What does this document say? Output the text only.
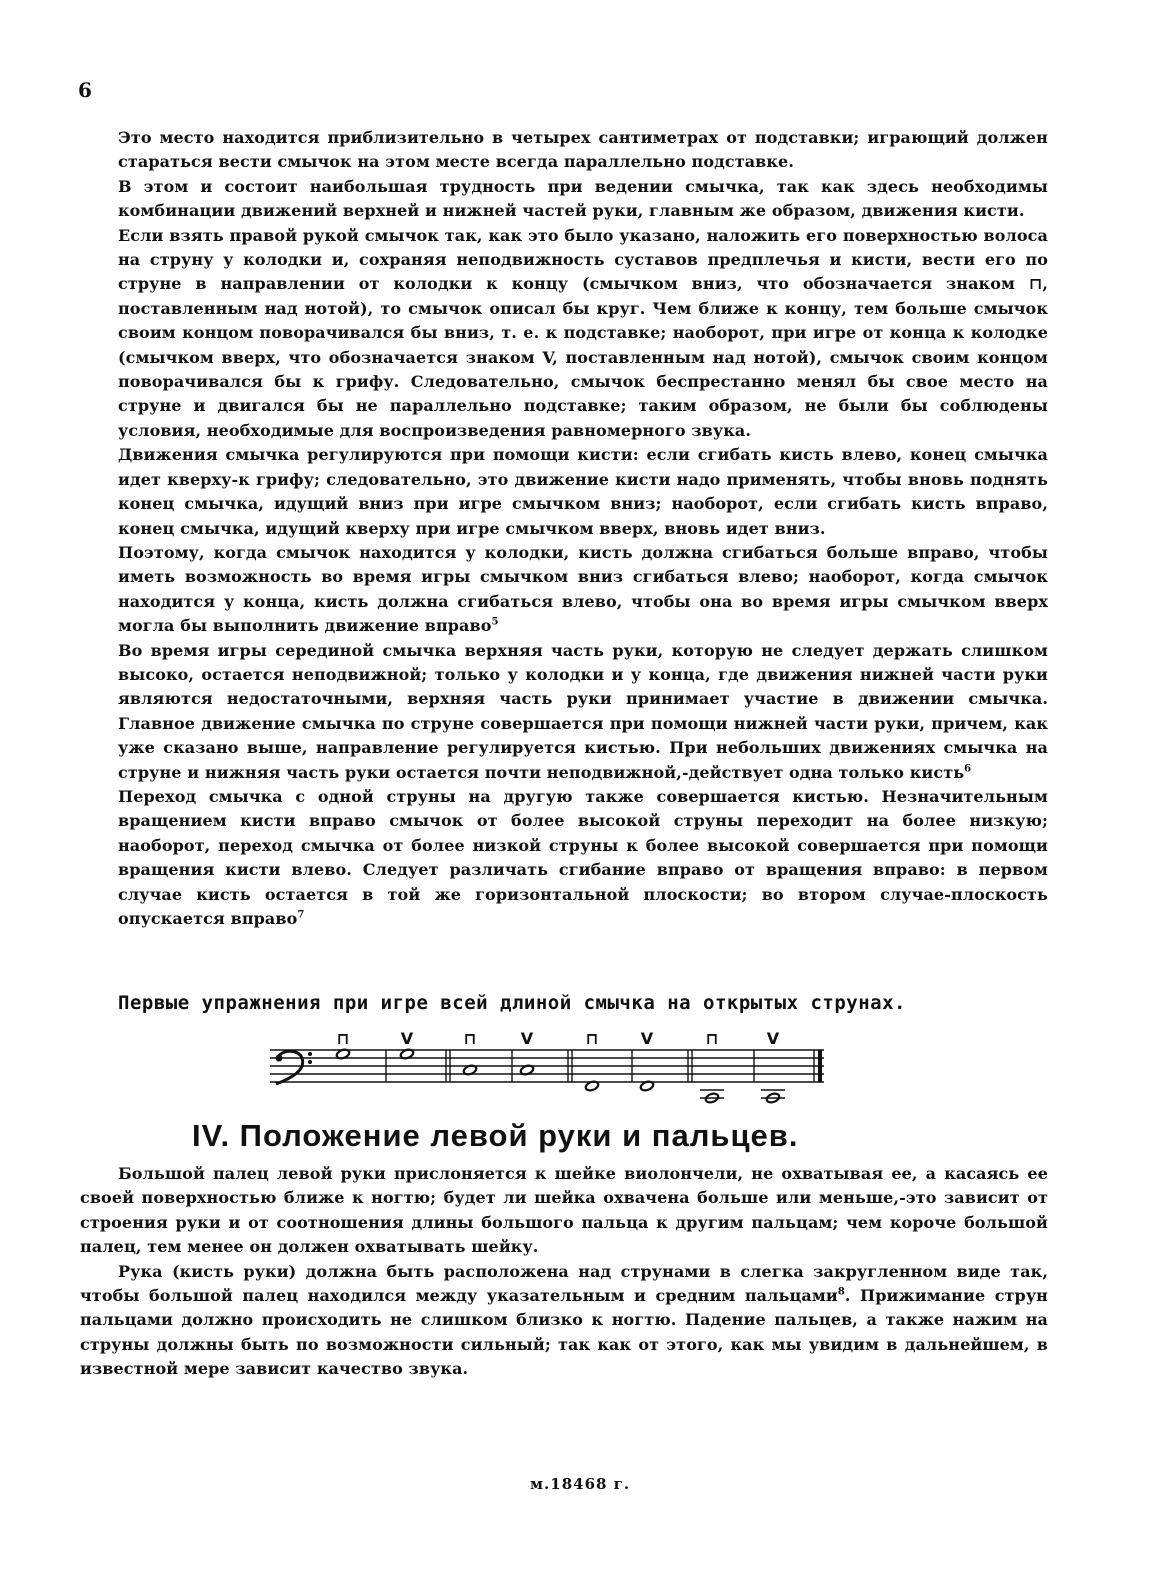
6

Это место находится приблизительно в четырех сантиметрах от подставки; играющий должен стараться вести смычок на этом месте всегда параллельно подставке.

В этом и состоит наибольшая трудность при ведении смычка, так как здесь необходимы комбинации движений верхней и нижней частей руки, главным же образом, движения кисти.

Если взять правой рукой смычок так, как это было указано, наложить его поверхностью волоса на струну у колодки и, сохраняя неподвижность суставов предплечья и кисти, вести его по струне в направлении от колодки к концу (смычком вниз, что обозначается знаком ⊓, поставленным над нотой), то смычок описал бы круг. Чем ближе к концу, тем больше смычок своим концом поворачивался бы вниз, т. е. к подставке; наоборот, при игре от конца к колодке (смычком вверх, что обозначается знаком V, поставленным над нотой), смычок своим концом поворачивался бы к грифу. Следовательно, смычок беспрестанно менял бы свое место на струне и двигался бы не параллельно подставке; таким образом, не были бы соблюдены условия, необходимые для воспроизведения равномерного звука.

Движения смычка регулируются при помощи кисти: если сгибать кисть влево, конец смычка идет кверху-к грифу; следовательно, это движение кисти надо применять, чтобы вновь поднять конец смычка, идущий вниз при игре смычком вниз; наоборот, если сгибать кисть вправо, конец смычка, идущий кверху при игре смычком вверх, вновь идет вниз.

Поэтому, когда смычок находится у колодки, кисть должна сгибаться больше вправо, чтобы иметь возможность во время игры смычком вниз сгибаться влево; наоборот, когда смычок находится у конца, кисть должна сгибаться влево, чтобы она во время игры смычком вверх могла бы выполнить движение вправо$^5$

Во время игры серединой смычка верхняя часть руки, которую не следует держать слишком высоко, остается неподвижной; только у колодки и у конца, где движения нижней части руки являются недостаточными, верхняя часть руки принимает участие в движении смычка. Главное движение смычка по струне совершается при помощи нижней части руки, причем, как уже сказано выше, направление регулируется кистью. При небольших движениях смычка на струне и нижняя часть руки остается почти неподвижной,-действует одна только кисть$^6$

Переход смычка с одной струны на другую также совершается кистью. Незначительным вращением кисти вправо смычок от более высокой струны переходит на более низкую; наоборот, переход смычка от более низкой струны к более высокой совершается при помощи вращения кисти влево. Следует различать сгибание вправо от вращения вправо: в первом случае кисть остается в той же горизонтальной плоскости; во втором случае-плоскость опускается вправо$^7$

Первые упражнения при игре всей длиной смычка на открытых струнах.
⊓	V	⊓	V	⊓	V	⊓	V
IV. Положение левой руки и пальцев.

Большой палец левой руки прислоняется к шейке виолончели, не охватывая ее, а касаясь ее своей поверхностью ближе к ногтю; будет ли шейка охвачена больше или меньше,-это зависит от строения руки и от соотношения длины большого пальца к другим пальцам; чем короче большой палец, тем менее он должен охватывать шейку.

Рука (кисть руки) должна быть расположена над струнами в слегка закругленном виде так, чтобы большой палец находился между указательным и средним пальцами$^8$. Прижимание струн пальцами должно происходить не слишком близко к ногтю. Падение пальцев, а также нажим на струны должны быть по возможности сильный; так как от этого, как мы увидим в дальнейшем, в известной мере зависит качество звука.

м.18468 г.
